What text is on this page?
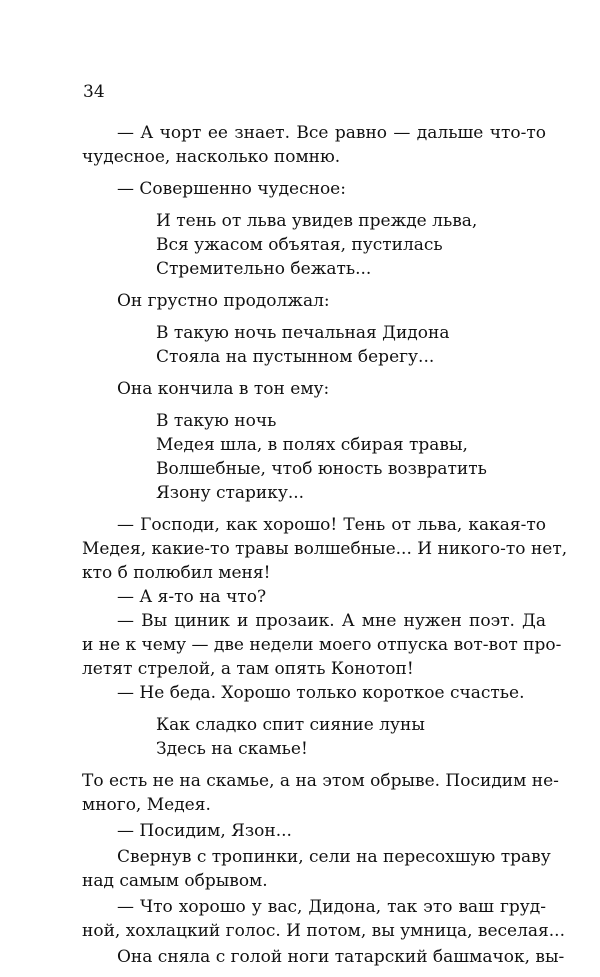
34
— А чорт ее знает. Все равно — дальше что-то
чудесное, насколько помню.
— Совершенно чудесное:
И тень от льва увидев прежде льва,
Вся ужасом объятая, пустилась
Стремительно бежать...
Он грустно продолжал:
В такую ночь печальная Дидона
Стояла на пустынном берегу...
Она кончила в тон ему:
В такую ночь
Медея шла, в полях сбирая травы,
Волшебные, чтоб юность возвратить
Язону старику...
— Господи, как хорошо! Тень от льва, какая-то
Медея, какие-то травы волшебные... И никого-то нет,
кто б полюбил меня!
— А я-то на что?
— Вы циник и прозаик. А мне нужен поэт. Да
и не к чему — две недели моего отпуска вот-вот про-
летят стрелой, а там опять Конотоп!
— Не беда. Хорошо только короткое счастье.
Как сладко спит сияние луны
Здесь на скамье!
То есть не на скамье, а на этом обрыве. Посидим не-
много, Медея.
— Посидим, Язон...
Свернув с тропинки, сели на пересохшую траву
над самым обрывом.
— Что хорошо у вас, Дидона, так это ваш груд-
ной, хохлацкий голос. И потом, вы умница, веселая...
Она сняла с голой ноги татарский башмачок, вы-
